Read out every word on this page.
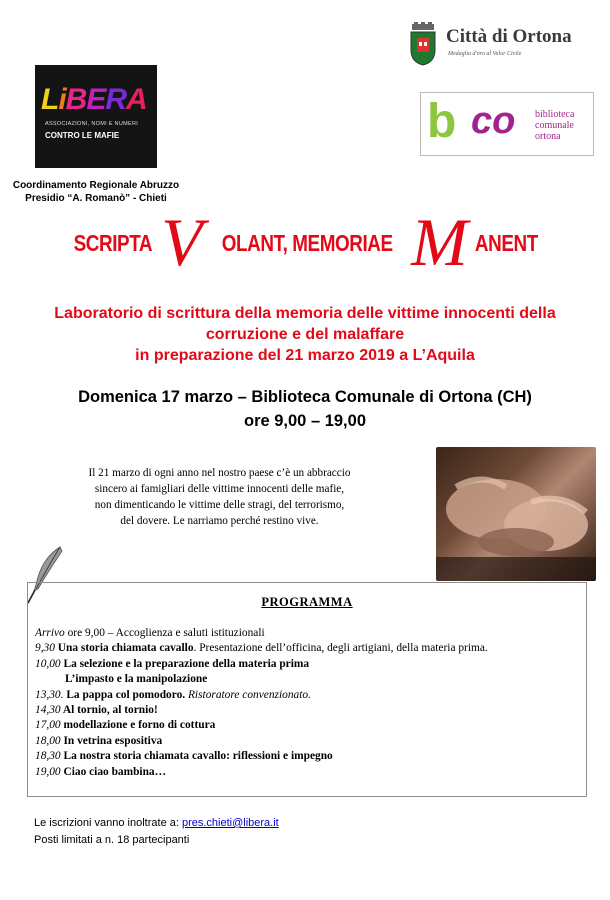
LiBERA
ASSOCIAZIONI, NOMI E NUMERI
CONTRO LE MAFIE
Coordinamento Regionale Abruzzo
Presidio “A. Romanò” - Chieti
Città di Ortona
Medaglia d'oro al Valor Civile
b co biblioteca
comunale
ortona
SCRIPTAV OLANT, MEMORIAEM ANENT
Laboratorio di scrittura della memoria delle vittime innocenti della
corruzione e del malaffare
in preparazione del 21 marzo 2019 a L’Aquila
Domenica 17 marzo – Biblioteca Comunale di Ortona (CH)
ore 9,00 – 19,00
Il 21 marzo di ogni anno nel nostro paese c’è un abbraccio
sincero ai famigliari delle vittime innocenti delle mafie,
non dimenticando le vittime delle stragi, del terrorismo,
del dovere. Le narriamo perché restino vive.
PROGRAMMA
Arrivo ore 9,00 – Accoglienza e saluti istituzionali
9,30 Una storia chiamata cavallo. Presentazione dell’officina, degli artigiani, della materia prima.
10,00 La selezione e la preparazione della materia prima
L’impasto e la manipolazione
13,30. La pappa col pomodoro. Ristoratore convenzionato.
14,30 Al tornio, al tornio!
17,00 modellazione e forno di cottura
18,00 In vetrina espositiva
18,30 La nostra storia chiamata cavallo: riflessioni e impegno
19,00 Ciao ciao bambina…
Le iscrizioni vanno inoltrate a: pres.chieti@libera.it
Posti limitati a n. 18 partecipanti
